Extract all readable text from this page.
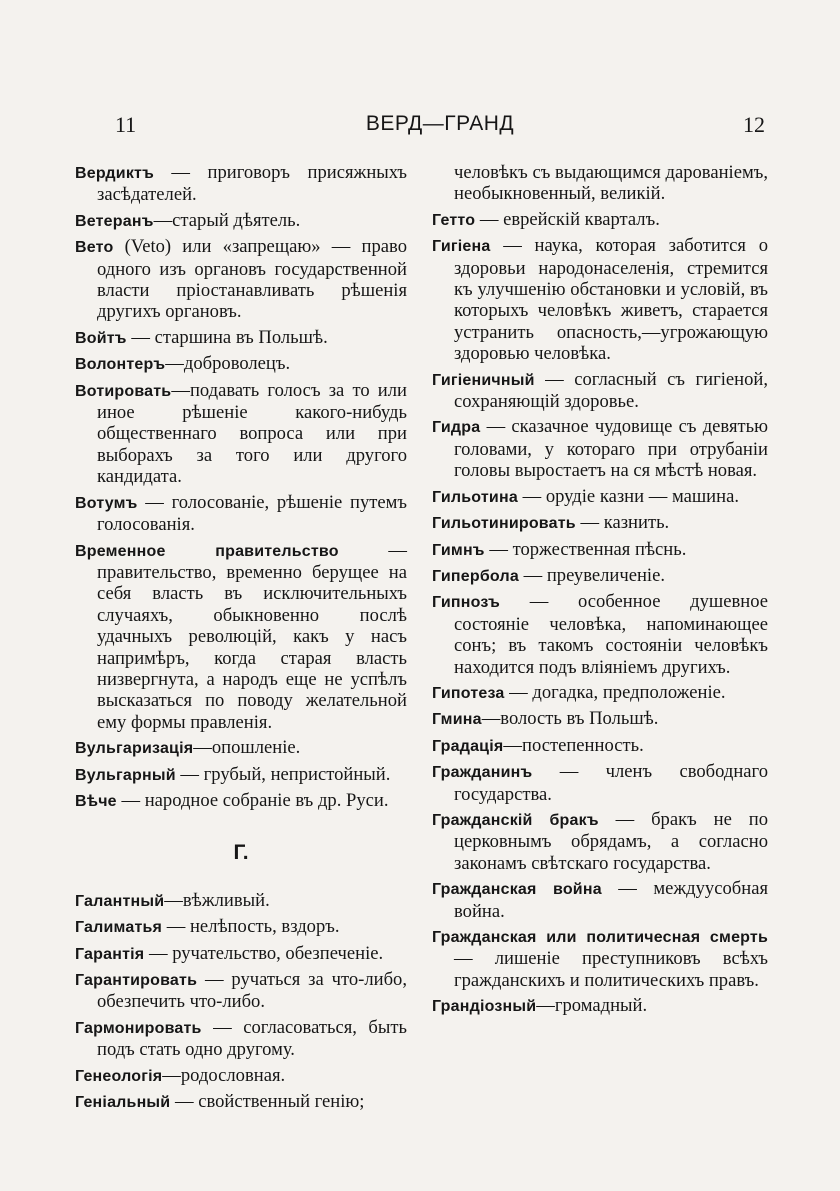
11	ВЕРД—ГРАНД	12

Вердиктъ — приговоръ присяжныхъ засѣдателей.

Ветеранъ—старый дѣятель.

Вето (Veto) или «запрещаю» — право одного изъ органовъ государственной власти пріостанавливать рѣшенія другихъ органовъ.

Войтъ — старшина въ Польшѣ.

Волонтеръ—доброволецъ.

Вотировать—подавать голосъ за то или иное рѣшеніе какого-нибудь общественнаго вопроса или при выборахъ за того или другого кандидата.

Вотумъ — голосованіе, рѣшеніе путемъ голосованія.

Временное правительство — правительство, временно берущее на себя власть въ исключительныхъ случаяхъ, обыкновенно послѣ удачныхъ революцій, какъ у насъ напримѣръ, когда старая власть низвергнута, а народъ еще не успѣлъ высказаться по поводу желательной ему формы правленія.

Вульгаризація—опошленіе.

Вульгарный — грубый, непристойный.

Вѣче — народное собраніе въ др. Руси.

Г.

Галантный—вѣжливый.

Галиматья — нелѣпость, вздоръ.

Гарантія — ручательство, обезпеченіе.

Гарантировать — ручаться за что-либо, обезпечить что-либо.

Гармонировать — согласоваться, быть подъ стать одно другому.

Генеологія—родословная.

Геніальный — свойственный генію;

человѣкъ съ выдающимся дарованіемъ, необыкновенный, великій.

Гетто — еврейскій кварталъ.

Гигіена — наука, которая заботится о здоровьи народонаселенія, стремится къ улучшенію обстановки и условій, въ которыхъ человѣкъ живетъ, старается устранить опасность,—угрожающую здоровью человѣка.

Гигіеничный — согласный съ гигіеной, сохраняющій здоровье.

Гидра — сказачное чудовище съ девятью головами, у котораго при отрубаніи головы выростаетъ на ся мѣстѣ новая.

Гильотина — орудіе казни — машина.

Гильотинировать — казнить.

Гимнъ — торжественная пѣснь.

Гипербола — преувеличеніе.

Гипнозъ — особенное душевное состояніе человѣка, напоминающее сонъ; въ такомъ состояніи человѣкъ находится подъ вліяніемъ другихъ.

Гипотеза — догадка, предположеніе.

Гмина—волость въ Польшѣ.

Градація—постепенность.

Гражданинъ — членъ свободнаго государства.

Гражданскій бракъ — бракъ не по церковнымъ обрядамъ, а согласно законамъ свѣтскаго государства.

Гражданская война — междуусобная война.

Гражданская или политичесная смерть — лишеніе преступниковъ всѣхъ гражданскихъ и политическихъ правъ.

Грандіозный—громадный.
